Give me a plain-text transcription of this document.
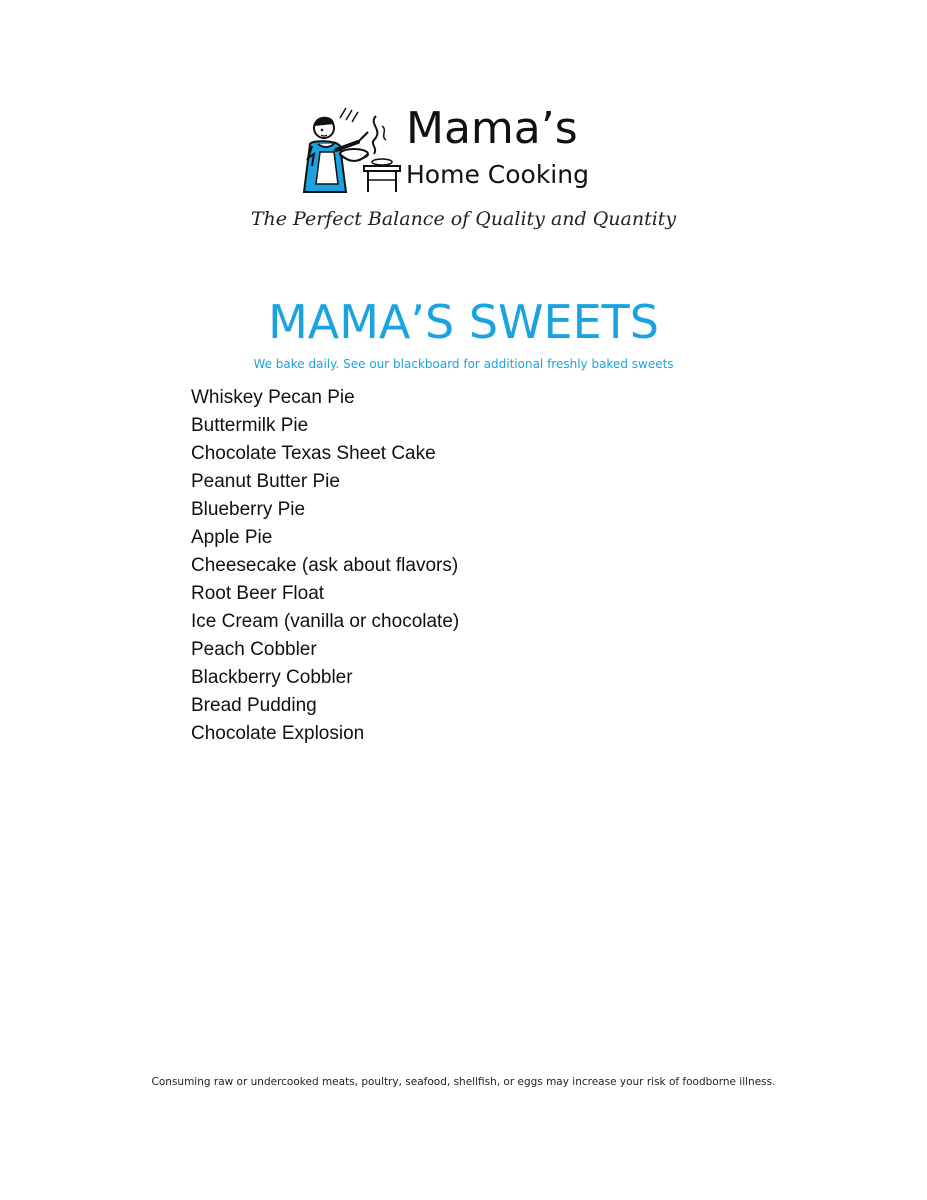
Mama’s
Home Cooking
The Perfect Balance of Quality and Quantity
MAMA’S SWEETS
We bake daily. See our blackboard for additional freshly baked sweets
Whiskey Pecan Pie
Buttermilk Pie
Chocolate Texas Sheet Cake
Peanut Butter Pie
Blueberry Pie
Apple Pie
Cheesecake (ask about flavors)
Root Beer Float
Ice Cream (vanilla or chocolate)
Peach Cobbler
Blackberry Cobbler
Bread Pudding
Chocolate Explosion
Consuming raw or undercooked meats, poultry, seafood, shellfish, or eggs may increase your risk of foodborne illness.
